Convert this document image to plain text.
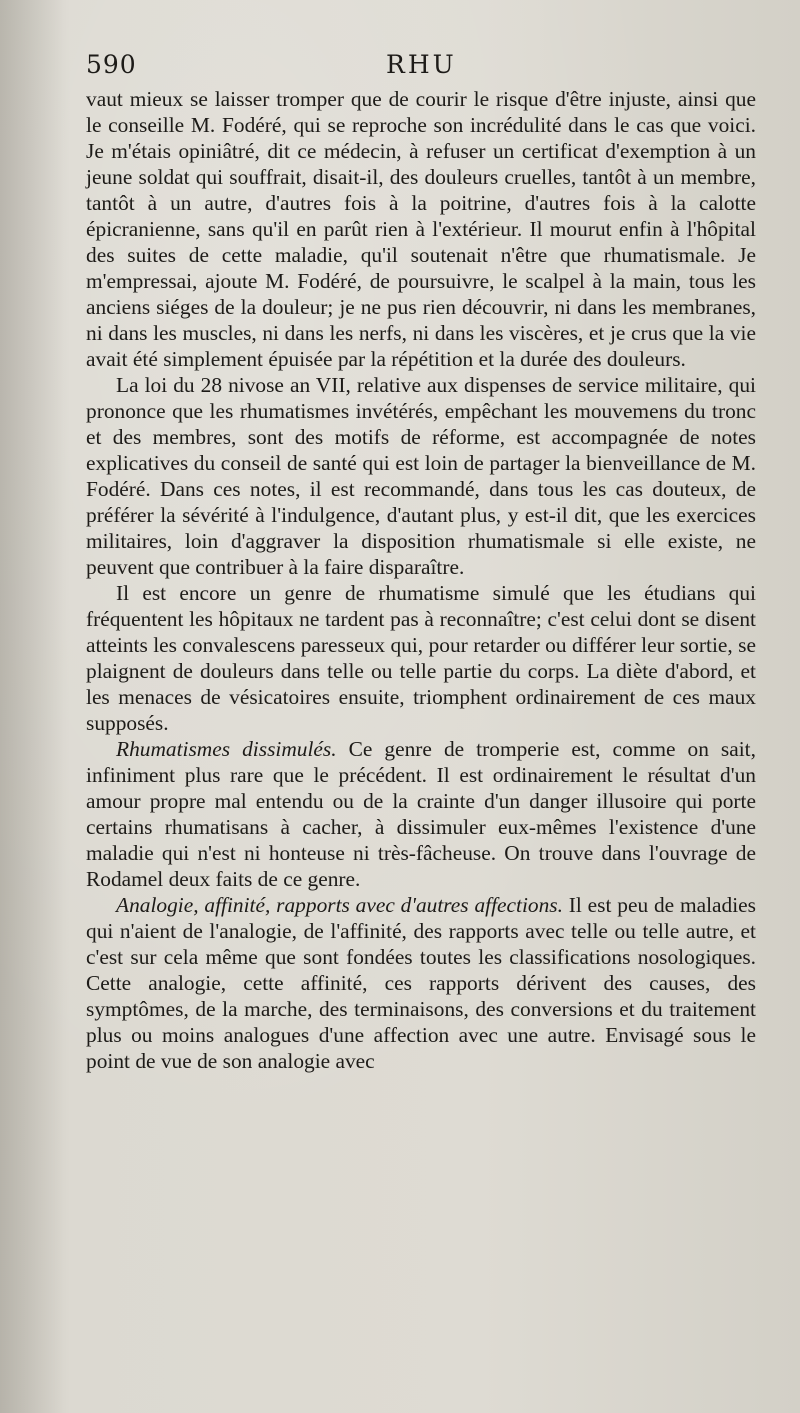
590	RHU

vaut mieux se laisser tromper que de courir le risque d'être injuste, ainsi que le conseille M. Fodéré, qui se reproche son incrédulité dans le cas que voici. Je m'étais opiniâtré, dit ce médecin, à refuser un certificat d'exemption à un jeune soldat qui souffrait, disait-il, des douleurs cruelles, tantôt à un membre, tantôt à un autre, d'autres fois à la poitrine, d'autres fois à la calotte épicranienne, sans qu'il en parût rien à l'extérieur. Il mourut enfin à l'hôpital des suites de cette maladie, qu'il soutenait n'être que rhumatismale. Je m'empressai, ajoute M. Fodéré, de poursuivre, le scalpel à la main, tous les anciens siéges de la douleur; je ne pus rien découvrir, ni dans les membranes, ni dans les muscles, ni dans les nerfs, ni dans les viscères, et je crus que la vie avait été simplement épuisée par la répétition et la durée des douleurs.

La loi du 28 nivose an VII, relative aux dispenses de service militaire, qui prononce que les rhumatismes invétérés, empêchant les mouvemens du tronc et des membres, sont des motifs de réforme, est accompagnée de notes explicatives du conseil de santé qui est loin de partager la bienveillance de M. Fodéré. Dans ces notes, il est recommandé, dans tous les cas douteux, de préférer la sévérité à l'indulgence, d'autant plus, y est-il dit, que les exercices militaires, loin d'aggraver la disposition rhumatismale si elle existe, ne peuvent que contribuer à la faire disparaître.

Il est encore un genre de rhumatisme simulé que les étudians qui fréquentent les hôpitaux ne tardent pas à reconnaître; c'est celui dont se disent atteints les convalescens paresseux qui, pour retarder ou différer leur sortie, se plaignent de douleurs dans telle ou telle partie du corps. La diète d'abord, et les menaces de vésicatoires ensuite, triomphent ordinairement de ces maux supposés.

Rhumatismes dissimulés. Ce genre de tromperie est, comme on sait, infiniment plus rare que le précédent. Il est ordinairement le résultat d'un amour propre mal entendu ou de la crainte d'un danger illusoire qui porte certains rhumatisans à cacher, à dissimuler eux-mêmes l'existence d'une maladie qui n'est ni honteuse ni très-fâcheuse. On trouve dans l'ouvrage de Rodamel deux faits de ce genre.

Analogie, affinité, rapports avec d'autres affections. Il est peu de maladies qui n'aient de l'analogie, de l'affinité, des rapports avec telle ou telle autre, et c'est sur cela même que sont fondées toutes les classifications nosologiques. Cette analogie, cette affinité, ces rapports dérivent des causes, des symptômes, de la marche, des terminaisons, des conversions et du traitement plus ou moins analogues d'une affection avec une autre. Envisagé sous le point de vue de son analogie avec
